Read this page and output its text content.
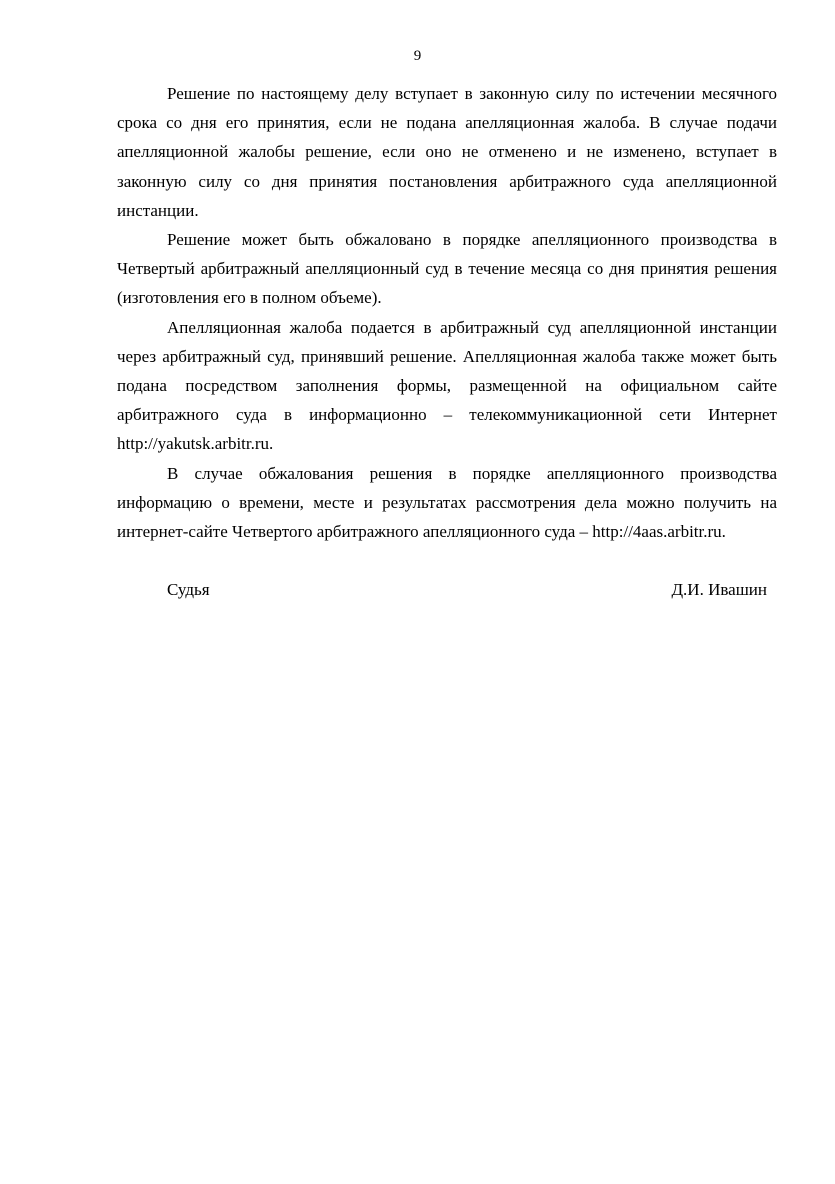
9

Решение по настоящему делу вступает в законную силу по истечении месячного срока со дня его принятия, если не подана апелляционная жалоба. В случае подачи апелляционной жалобы решение, если оно не отменено и не изменено, вступает в законную силу со дня принятия постановления арбитражного суда апелляционной инстанции.

Решение может быть обжаловано в порядке апелляционного производства в Четвертый арбитражный апелляционный суд в течение месяца со дня принятия решения (изготовления его в полном объеме).

Апелляционная жалоба подается в арбитражный суд апелляционной инстанции через арбитражный суд, принявший решение. Апелляционная жалоба также может быть подана посредством заполнения формы, размещенной на официальном сайте арбитражного суда в информационно – телекоммуникационной сети Интернет http://yakutsk.arbitr.ru.

В случае обжалования решения в порядке апелляционного производства информацию о времени, месте и результатах рассмотрения дела можно получить на интернет-сайте Четвертого арбитражного апелляционного суда – http://4aas.arbitr.ru.

Судья	Д.И. Ивашин
